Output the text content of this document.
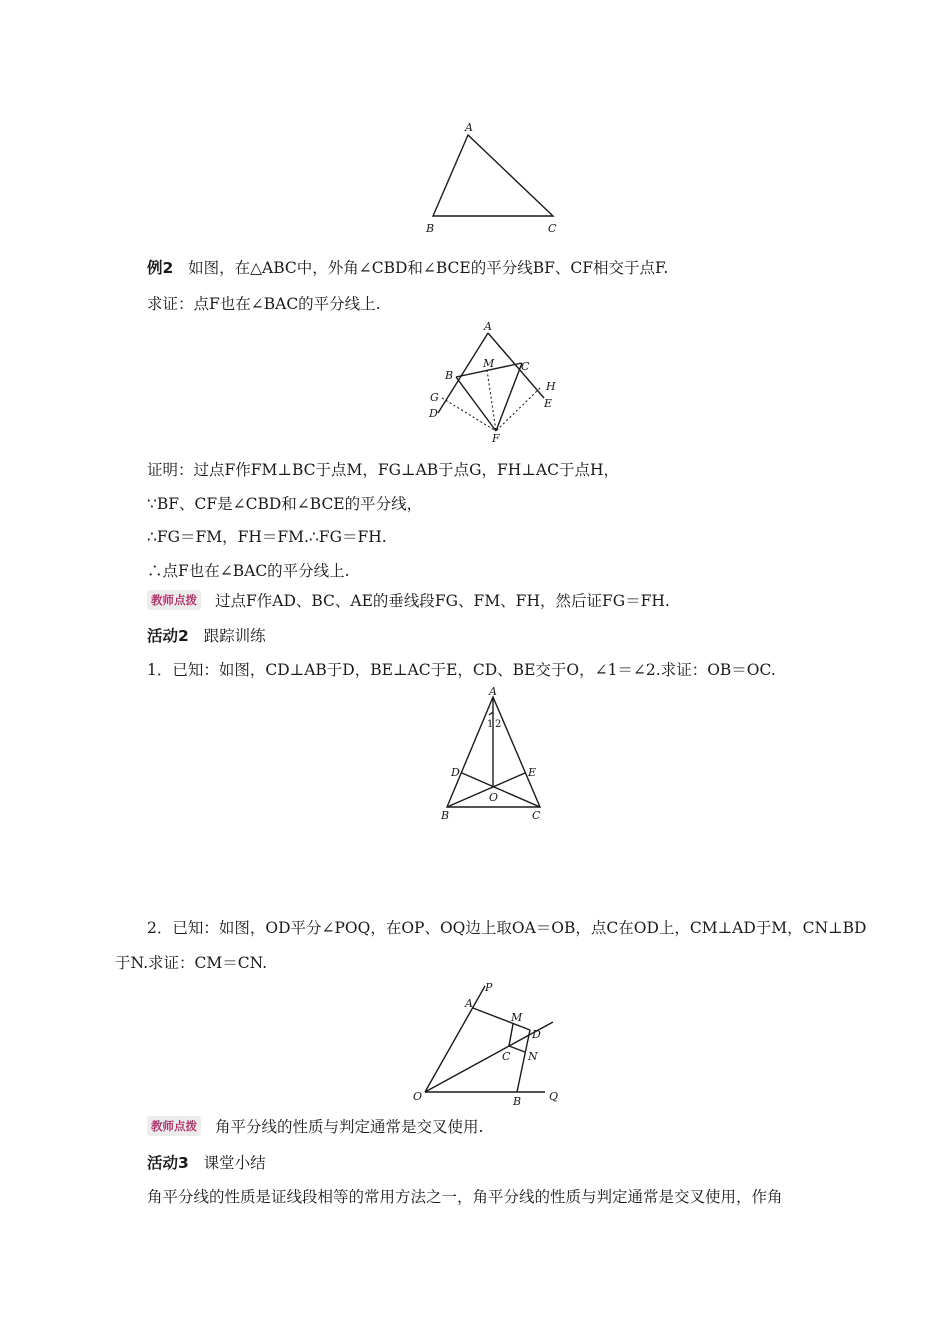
A
B	C
例2 如图，在△ABC中，外角∠CBD和∠BCE的平分线BF、CF相交于点F.
求证：点F也在∠BAC的平分线上.
A
B
C
M
G
D
H
E
F
证明：过点F作FM⊥BC于点M，FG⊥AB于点G，FH⊥AC于点H，
∵BF、CF是∠CBD和∠BCE的平分线，
∴FG＝FM，FH＝FM.∴FG＝FH.
∴点F也在∠BAC的平分线上.
教师点拨 过点F作AD、BC、AE的垂线段FG、FM、FH，然后证FG＝FH.
活动2 跟踪训练
1．已知：如图，CD⊥AB于D，BE⊥AC于E，CD、BE交于O，∠1＝∠2.求证：OB＝OC.
A
1 2
D	E
O
B	C
2．已知：如图，OD平分∠POQ，在OP、OQ边上取OA＝OB，点C在OD上，CM⊥AD于M，CN⊥BD
于N.求证：CM＝CN.
P
A
M
D
C N
O	B	Q
教师点拨 角平分线的性质与判定通常是交叉使用.
活动3 课堂小结
角平分线的性质是证线段相等的常用方法之一，角平分线的性质与判定通常是交叉使用，作角
